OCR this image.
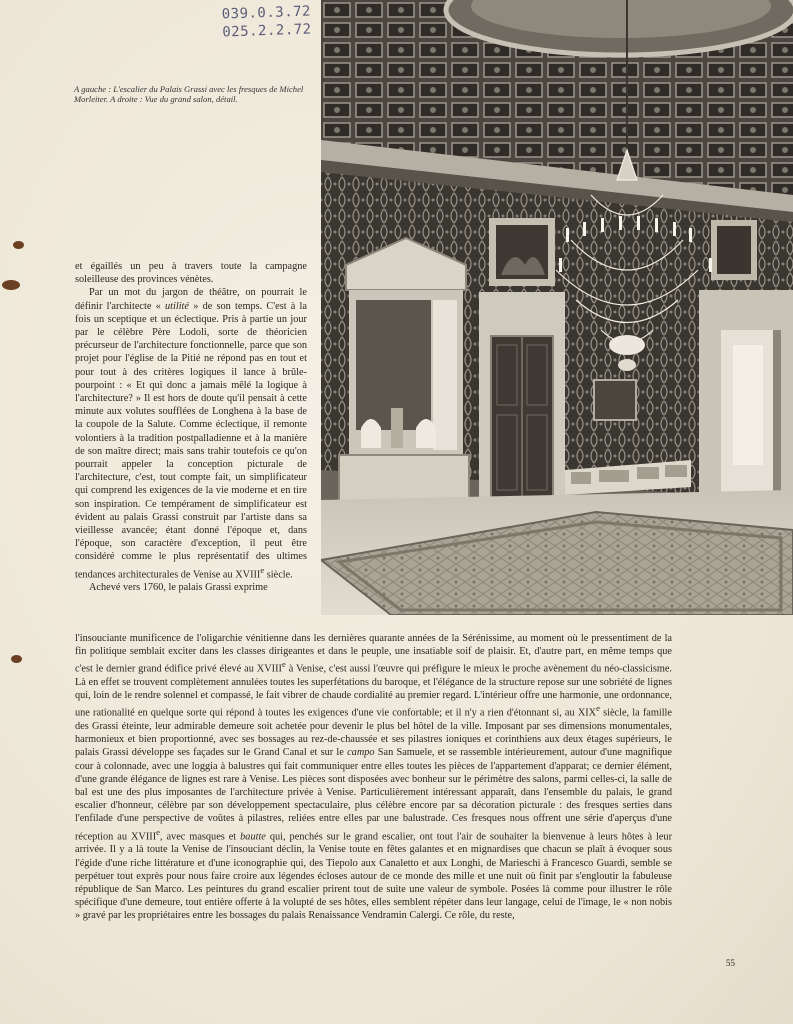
039.0.3.72
025.2.2.72
A gauche : L'escalier du Palais Grassi avec les fresques de Michel Morleiter. A droite : Vue du grand salon, détail.

et égaillés un peu à travers toute la campagne soleilleuse des provinces vénètes.

Par un mot du jargon de théâtre, on pourrait le définir l'architecte « utilité » de son temps. C'est à la fois un sceptique et un éclectique. Pris à partie un jour par le célèbre Père Lodoli, sorte de théoricien précurseur de l'architecture fonctionnelle, parce que son projet pour l'église de la Pitié ne répond pas en tout et pour tout à des critères logiques il lance à brûle-pourpoint : « Et qui donc a jamais mêlé la logique à l'architecture? » Il est hors de doute qu'il pensait à cette minute aux volutes soufflées de Longhena à la base de la coupole de la Salute. Comme éclectique, il remonte volontiers à la tradition postpalladienne et à la manière de son maître direct; mais sans trahir toutefois ce qu'on pourrait appeler la conception picturale de l'architecture, c'est, tout compte fait, un simplificateur qui comprend les exigences de la vie moderne et en tire son inspiration. Ce tempérament de simplificateur est évident au palais Grassi construit par l'artiste dans sa vieillesse avancée; étant donné l'époque et, dans l'époque, son caractère d'exception, il peut être considéré comme le plus représentatif des ultimes tendances architecturales de Venise au XVIIIe siècle.

Achevé vers 1760, le palais Grassi exprime

l'insouciante munificence de l'oligarchie vénitienne dans les dernières quarante années de la Sérénissime, au moment où le pressentiment de la fin politique semblait exciter dans les classes dirigeantes et dans le peuple, une insatiable soif de plaisir. Et, d'autre part, en même temps que c'est le dernier grand édifice privé élevé au XVIIIe à Venise, c'est aussi l'œuvre qui préfigure le mieux le proche avènement du néo-classicisme. Là en effet se trouvent complètement annulées toutes les superfétations du baroque, et l'élégance de la structure repose sur une sobriété de lignes qui, loin de le rendre solennel et compassé, le fait vibrer de chaude cordialité au premier regard. L'intérieur offre une harmonie, une ordonnance, une rationalité en quelque sorte qui répond à toutes les exigences d'une vie confortable; et il n'y a rien d'étonnant si, au XIXe siècle, la famille des Grassi éteinte, leur admirable demeure soit achetée pour devenir le plus bel hôtel de la ville. Imposant par ses dimensions monumentales, harmonieux et bien proportionné, avec ses bossages au rez-de-chaussée et ses pilastres ioniques et corinthiens aux deux étages supérieurs, le palais Grassi développe ses façades sur le Grand Canal et sur le campo San Samuele, et se rassemble intérieurement, autour d'une magnifique cour à colonnade, avec une loggia à balustres qui fait communiquer entre elles toutes les pièces de l'appartement d'apparat; ce dernier élément, d'une grande élégance de lignes est rare à Venise. Les pièces sont disposées avec bonheur sur le périmètre des salons, parmi celles-ci, la salle de bal est une des plus imposantes de l'architecture privée à Venise. Particulièrement intéressant apparaît, dans l'ensemble du palais, le grand escalier d'honneur, célèbre par son développement spectaculaire, plus célèbre encore par sa décoration picturale : des fresques serties dans l'enfilade d'une perspective de voûtes à pilastres, reliées entre elles par une balustrade. Ces fresques nous offrent une série d'aperçus d'une réception au XVIIIe, avec masques et bautte qui, penchés sur le grand escalier, ont tout l'air de souhaiter la bienvenue à leurs hôtes à leur arrivée. Il y a là toute la Venise de l'insouciant déclin, la Venise toute en fêtes galantes et en mignardises que chacun se plaît à évoquer sous l'égide d'une riche littérature et d'une iconographie qui, des Tiepolo aux Canaletto et aux Longhi, de Marieschi à Francesco Guardi, semble se perpétuer tout exprès pour nous faire croire aux légendes écloses autour de ce monde des mille et une nuit où finit par s'engloutir la fabuleuse république de San Marco. Les peintures du grand escalier prirent tout de suite une valeur de symbole. Posées là comme pour illustrer le rôle spécifique d'une demeure, tout entière offerte à la volupté de ses hôtes, elles semblent répéter dans leur langage, celui de l'image, le « non nobis » gravé par les propriétaires entre les bossages du palais Renaissance Vendramin Calergi. Ce rôle, du reste,
55
